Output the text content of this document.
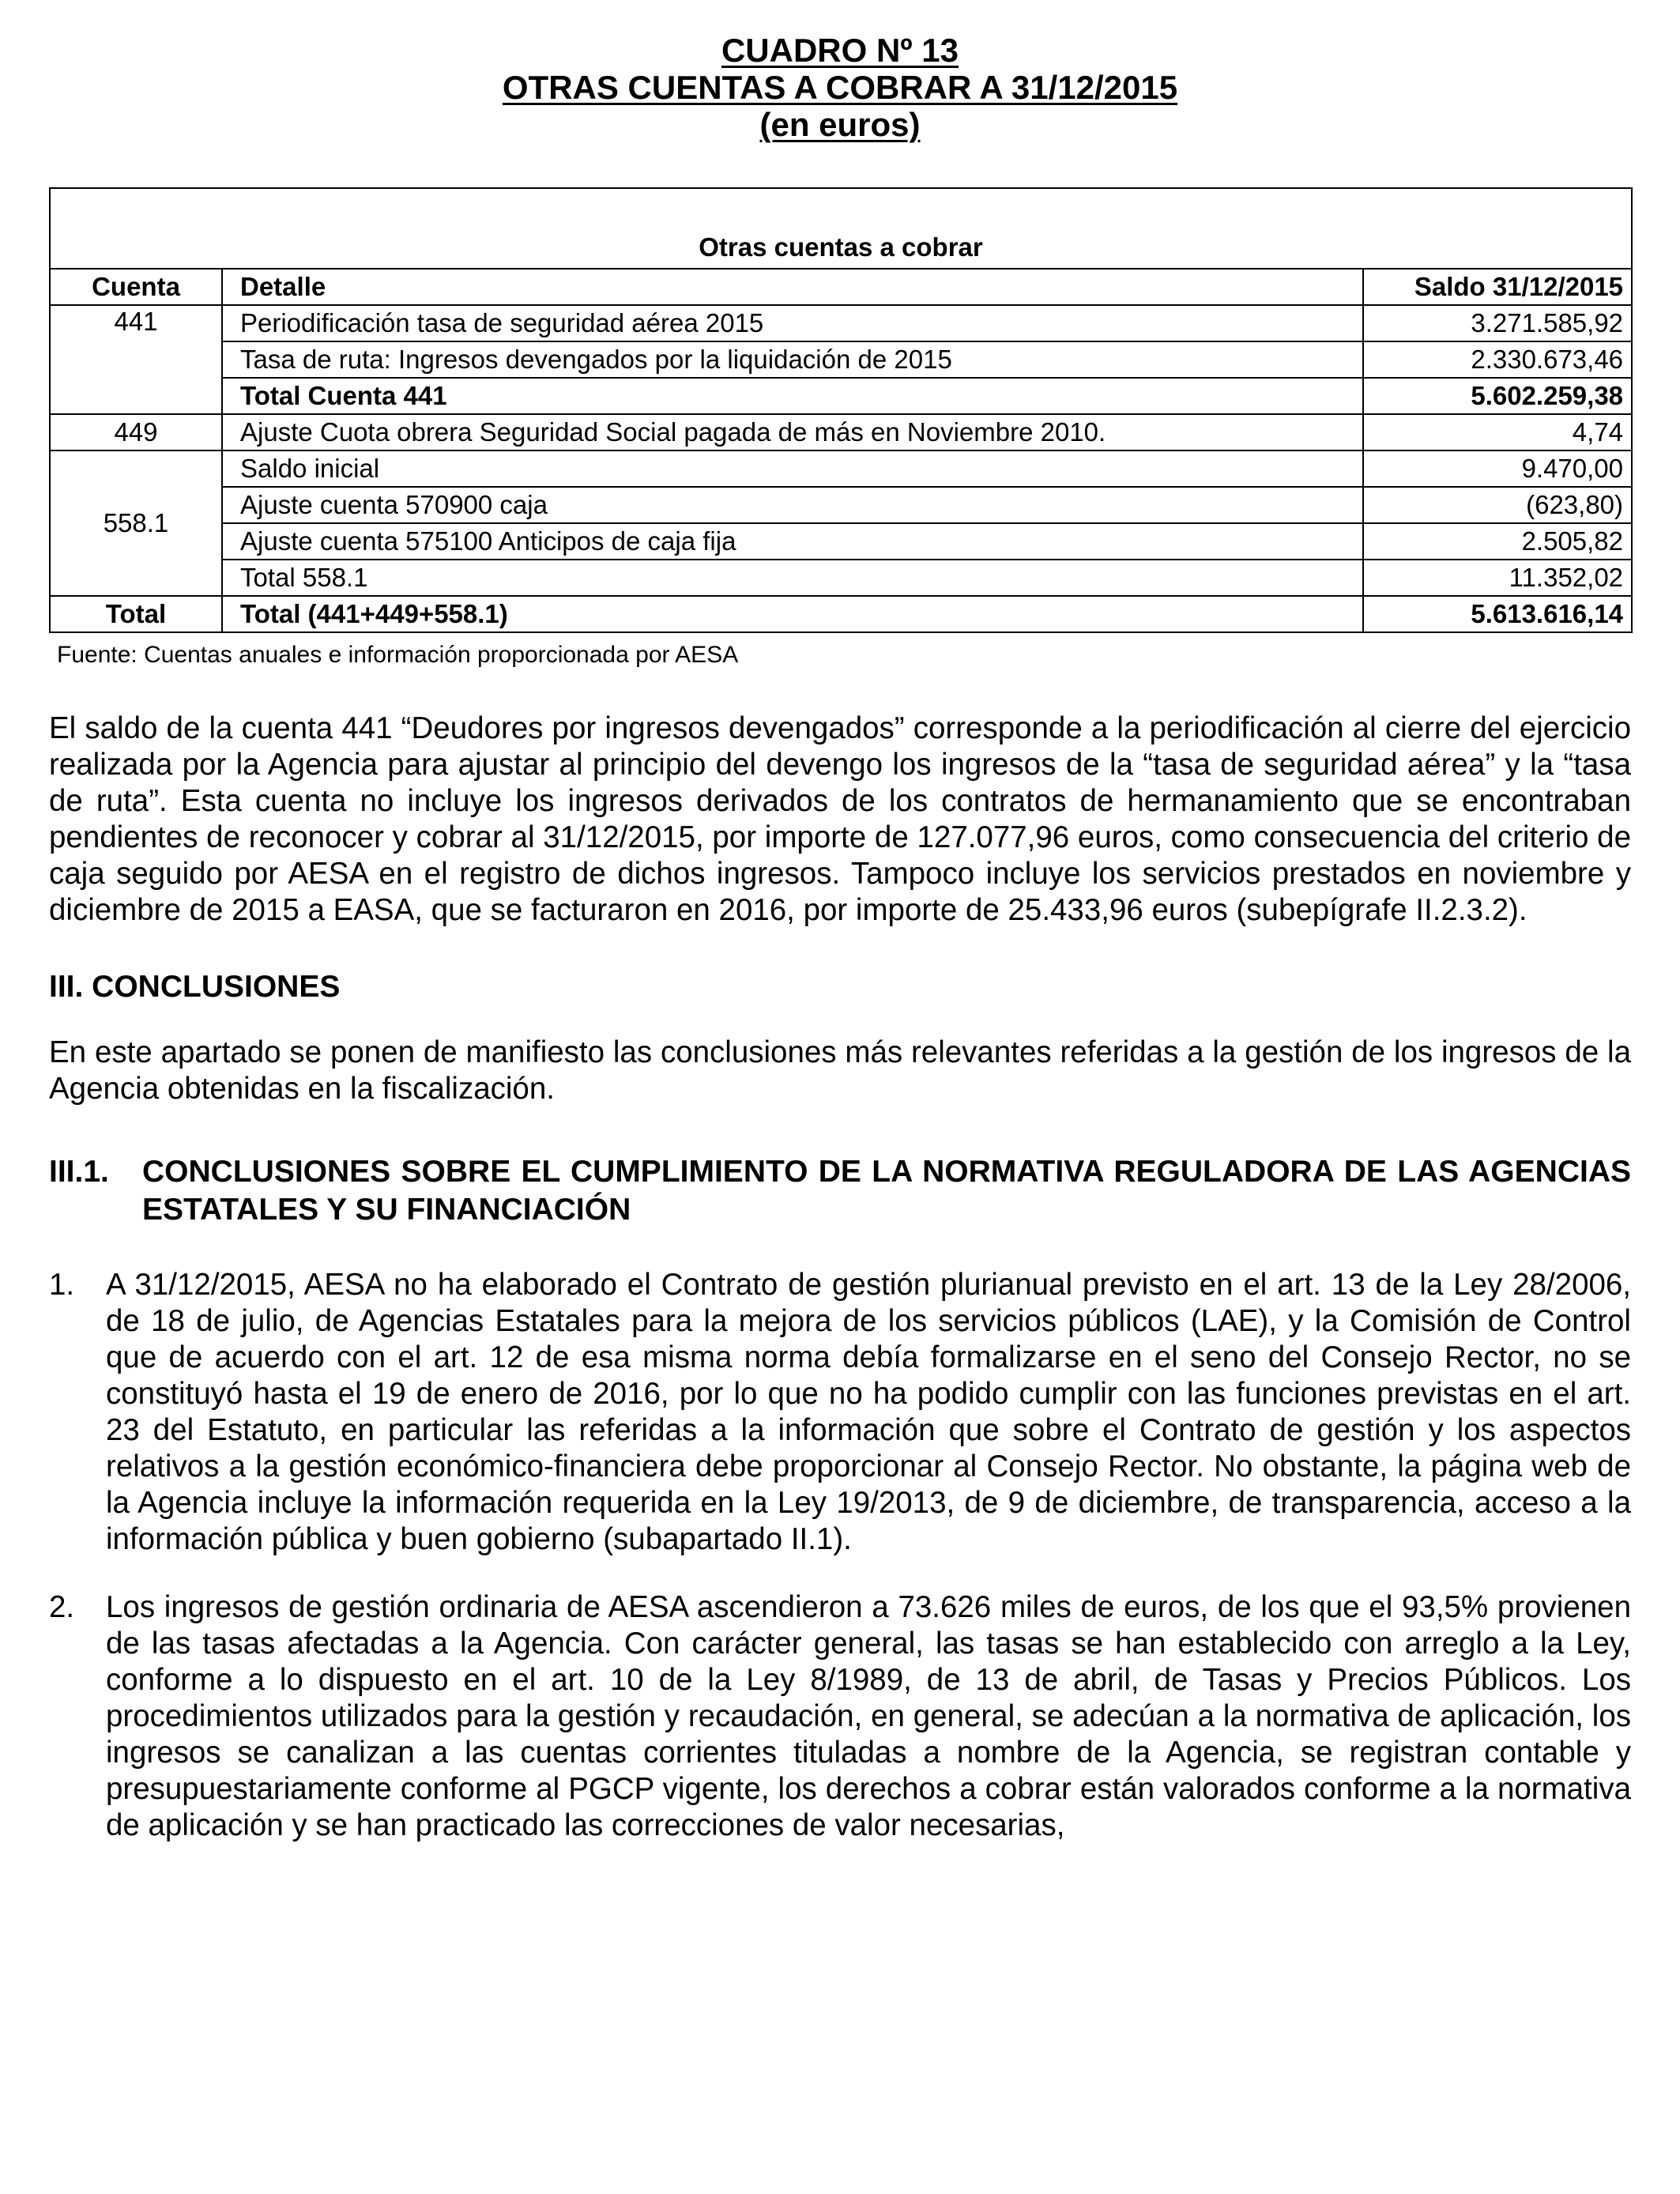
CUADRO Nº 13
OTRAS CUENTAS A COBRAR A 31/12/2015
(en euros)
Otras cuentas a cobrar		
Cuenta	Detalle	Saldo 31/12/2015
441	Periodificación tasa de seguridad aérea 2015	3.271.585,92
	Tasa de ruta: Ingresos devengados por la liquidación de 2015	2.330.673,46
	Total Cuenta 441	5.602.259,38
449	Ajuste Cuota obrera Seguridad Social pagada de más en Noviembre 2010.	4,74
558.1	Saldo inicial	9.470,00
	Ajuste cuenta 570900 caja	(623,80)
	Ajuste cuenta 575100 Anticipos de caja fija	2.505,82
	Total 558.1	11.352,02
Total	Total (441+449+558.1)	5.613.616,14
Fuente: Cuentas anuales e información proporcionada por AESA

El saldo de la cuenta 441 “Deudores por ingresos devengados” corresponde a la periodificación al cierre del ejercicio realizada por la Agencia para ajustar al principio del devengo los ingresos de la “tasa de seguridad aérea” y la “tasa de ruta”. Esta cuenta no incluye los ingresos derivados de los contratos de hermanamiento que se encontraban pendientes de reconocer y cobrar al 31/12/2015, por importe de 127.077,96 euros, como consecuencia del criterio de caja seguido por AESA en el registro de dichos ingresos. Tampoco incluye los servicios prestados en noviembre y diciembre de 2015 a EASA, que se facturaron en 2016, por importe de 25.433,96 euros (subepígrafe II.2.3.2).

III. CONCLUSIONES

En este apartado se ponen de manifiesto las conclusiones más relevantes referidas a la gestión de los ingresos de la Agencia obtenidas en la fiscalización.

III.1.	CONCLUSIONES SOBRE EL CUMPLIMIENTO DE LA NORMATIVA REGULADORA DE LAS AGENCIAS ESTATALES Y SU FINANCIACIÓN
1.	A 31/12/2015, AESA no ha elaborado el Contrato de gestión plurianual previsto en el art. 13 de la Ley 28/2006, de 18 de julio, de Agencias Estatales para la mejora de los servicios públicos (LAE), y la Comisión de Control que de acuerdo con el art. 12 de esa misma norma debía formalizarse en el seno del Consejo Rector, no se constituyó hasta el 19 de enero de 2016, por lo que no ha podido cumplir con las funciones previstas en el art. 23 del Estatuto, en particular las referidas a la información que sobre el Contrato de gestión y los aspectos relativos a la gestión económico-financiera debe proporcionar al Consejo Rector. No obstante, la página web de la Agencia incluye la información requerida en la Ley 19/2013, de 9 de diciembre, de transparencia, acceso a la información pública y buen gobierno (subapartado II.1).

2.	Los ingresos de gestión ordinaria de AESA ascendieron a 73.626 miles de euros, de los que el 93,5% provienen de las tasas afectadas a la Agencia. Con carácter general, las tasas se han establecido con arreglo a la Ley, conforme a lo dispuesto en el art. 10 de la Ley 8/1989, de 13 de abril, de Tasas y Precios Públicos. Los procedimientos utilizados para la gestión y recaudación, en general, se adecúan a la normativa de aplicación, los ingresos se canalizan a las cuentas corrientes tituladas a nombre de la Agencia, se registran contable y presupuestariamente conforme al PGCP vigente, los derechos a cobrar están valorados conforme a la normativa de aplicación y se han practicado las correcciones de valor necesarias,
